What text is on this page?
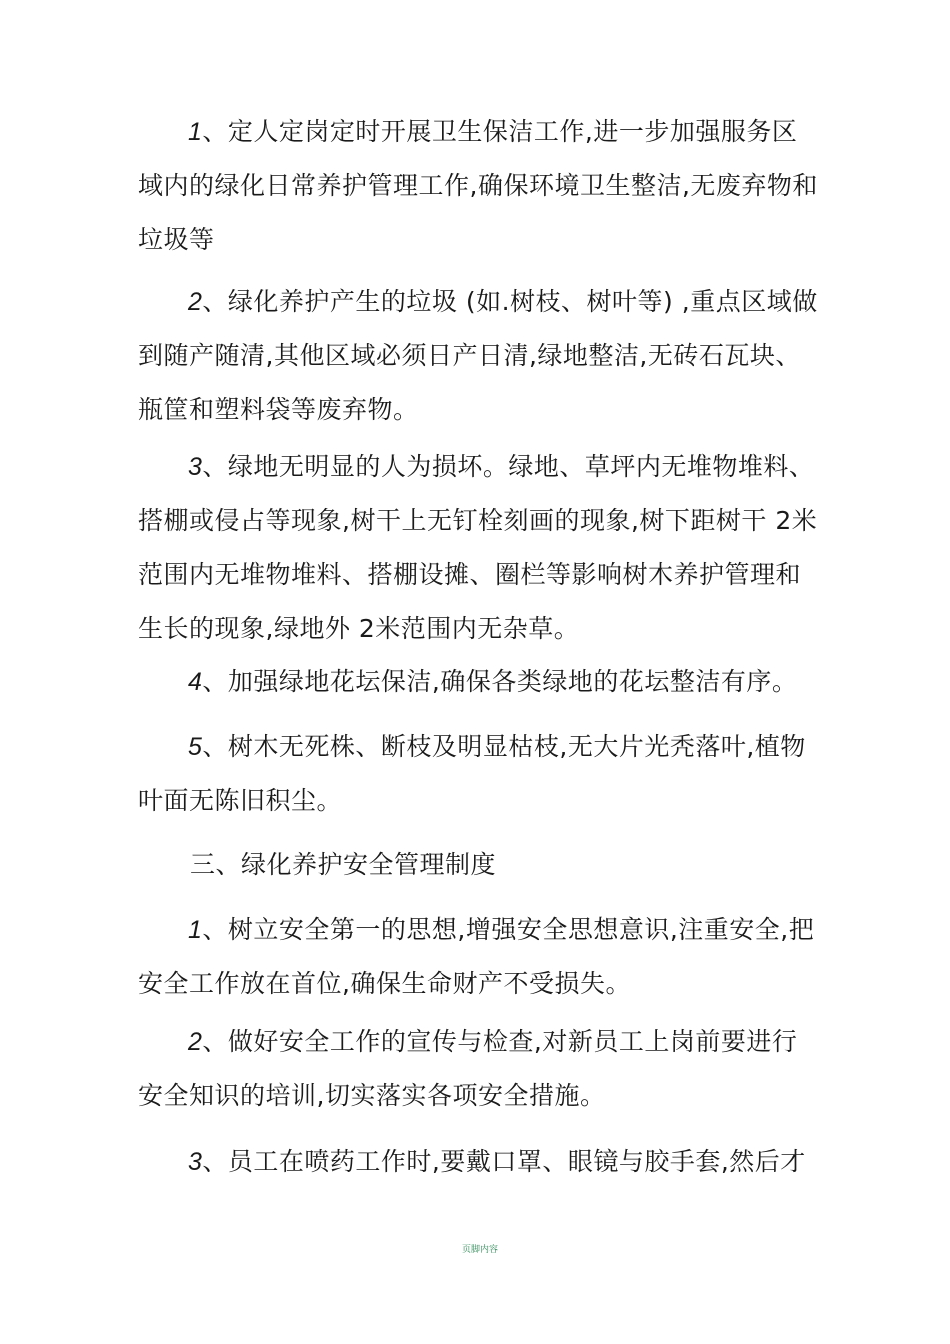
1、定人定岗定时开展卫生保洁工作,进一步加强服务区域内的绿化日常养护管理工作,确保环境卫生整洁,无废弃物和垃圾等

2、绿化养护产生的垃圾 (如.树枝、树叶等) ,重点区域做到随产随清,其他区域必须日产日清,绿地整洁,无砖石瓦块、瓶筐和塑料袋等废弃物。

3、绿地无明显的人为损坏。绿地、草坪内无堆物堆料、搭棚或侵占等现象,树干上无钉栓刻画的现象,树下距树干 2米范围内无堆物堆料、搭棚设摊、圈栏等影响树木养护管理和生长的现象,绿地外 2米范围内无杂草。

4、加强绿地花坛保洁,确保各类绿地的花坛整洁有序。

5、树木无死株、断枝及明显枯枝,无大片光秃落叶,植物叶面无陈旧积尘。

三、绿化养护安全管理制度

1、树立安全第一的思想,增强安全思想意识,注重安全,把安全工作放在首位,确保生命财产不受损失。

2、做好安全工作的宣传与检查,对新员工上岗前要进行安全知识的培训,切实落实各项安全措施。

3、员工在喷药工作时,要戴口罩、眼镜与胶手套,然后才

页脚内容
